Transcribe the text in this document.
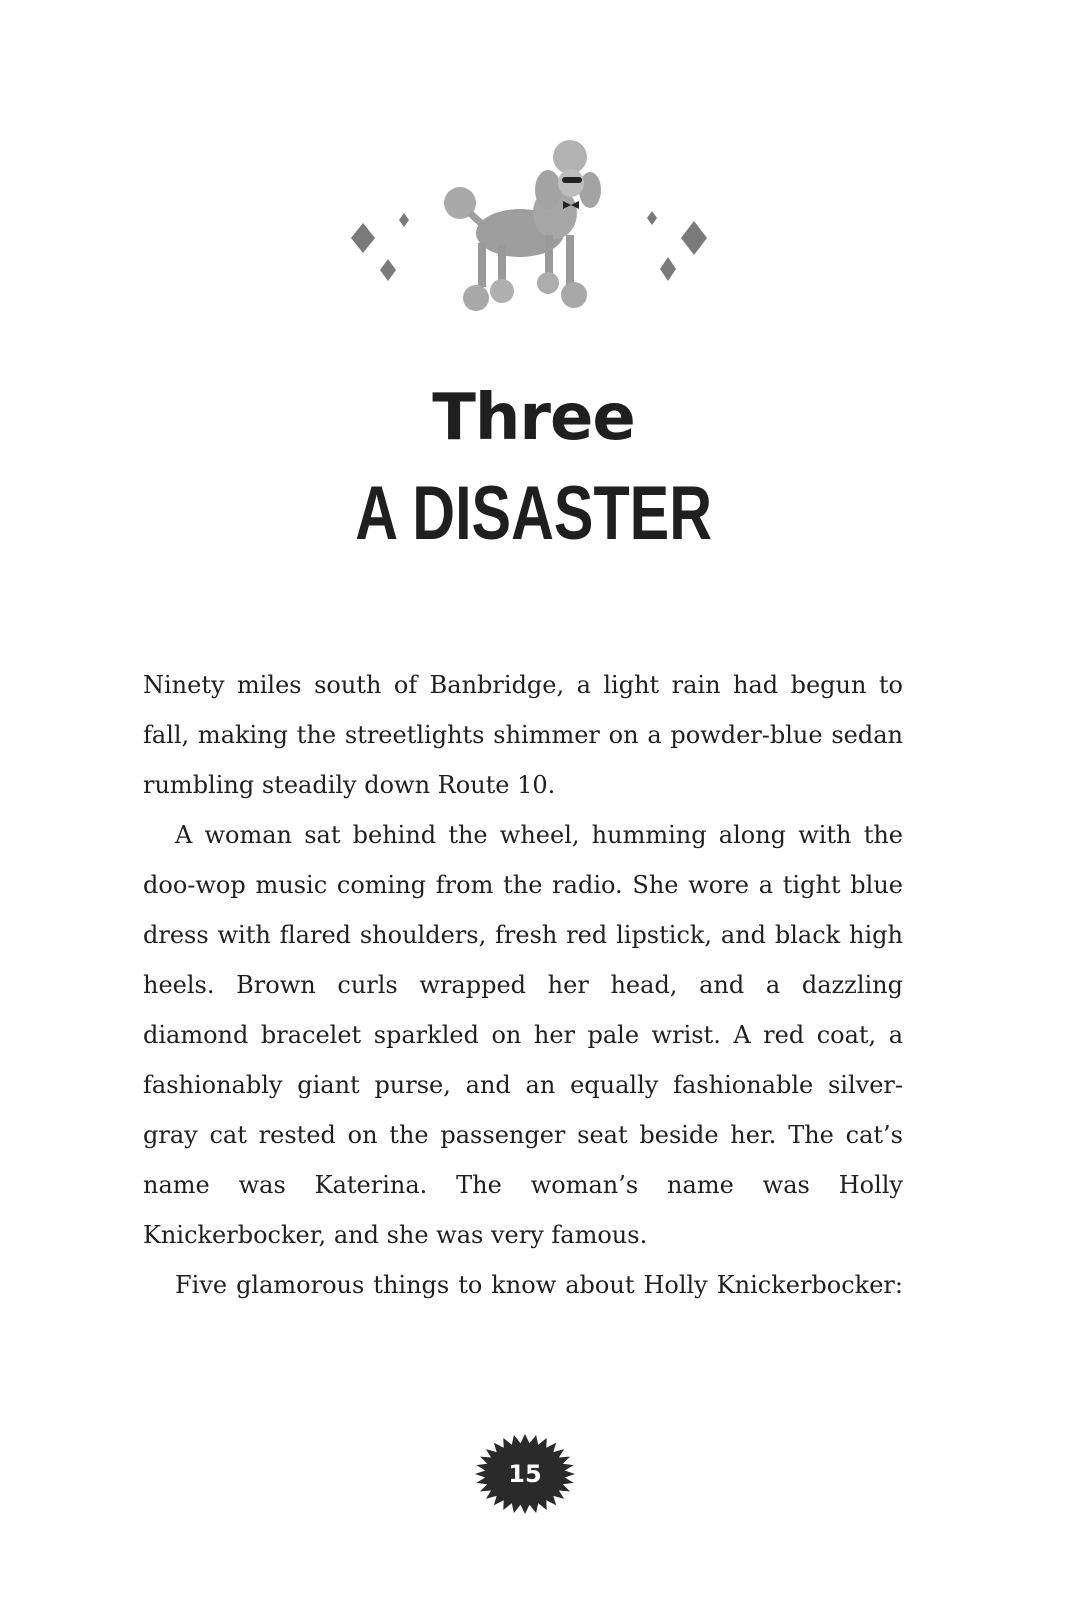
Three
A DISASTER

Ninety miles south of Banbridge, a light rain had begun to fall, making the streetlights shimmer on a powder-blue sedan rumbling steadily down Route 10.

A woman sat behind the wheel, humming along with the doo-wop music coming from the radio. She wore a tight blue dress with flared shoulders, fresh red lipstick, and black high heels. Brown curls wrapped her head, and a dazzling diamond bracelet sparkled on her pale wrist. A red coat, a fashionably giant purse, and an equally fashionable silver-gray cat rested on the passenger seat beside her. The cat’s name was Katerina. The woman’s name was Holly Knickerbocker, and she was very famous.

Five glamorous things to know about Holly Knickerbocker:

15
